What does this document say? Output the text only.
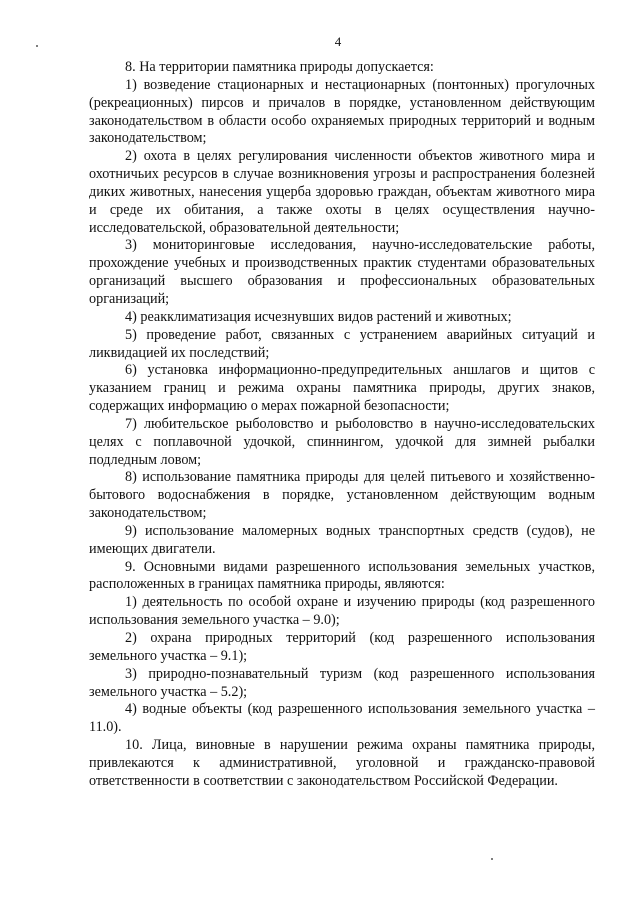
4

8. На территории памятника природы допускается:

1) возведение стационарных и нестационарных (понтонных) прогулочных (рекреационных) пирсов и причалов в порядке, установленном действующим законодательством в области особо охраняемых природных территорий и водным законодательством;

2) охота в целях регулирования численности объектов животного мира и охотничьих ресурсов в случае возникновения угрозы и распространения болезней диких животных, нанесения ущерба здоровью граждан, объектам животного мира и среде их обитания, а также охоты в целях осуществления научно-исследовательской, образовательной деятельности;

3) мониторинговые исследования, научно-исследовательские работы, прохождение учебных и производственных практик студентами образовательных организаций высшего образования и профессиональных образовательных организаций;

4) реакклиматизация исчезнувших видов растений и животных;

5) проведение работ, связанных с устранением аварийных ситуаций и ликвидацией их последствий;

6) установка информационно-предупредительных аншлагов и щитов с указанием границ и режима охраны памятника природы, других знаков, содержащих информацию о мерах пожарной безопасности;

7) любительское рыболовство и рыболовство в научно-исследовательских целях с поплавочной удочкой, спиннингом, удочкой для зимней рыбалки подледным ловом;

8) использование памятника природы для целей питьевого и хозяйственно-бытового водоснабжения в порядке, установленном действующим водным законодательством;

9) использование маломерных водных транспортных средств (судов), не имеющих двигатели.

9. Основными видами разрешенного использования земельных участков, расположенных в границах памятника природы, являются:

1) деятельность по особой охране и изучению природы (код разрешенного использования земельного участка – 9.0);

2) охрана природных территорий (код разрешенного использования земельного участка – 9.1);

3) природно-познавательный туризм (код разрешенного использования земельного участка – 5.2);

4) водные объекты (код разрешенного использования земельного участка – 11.0).

10. Лица, виновные в нарушении режима охраны памятника природы, привлекаются к административной, уголовной и гражданско-правовой ответственности в соответствии с законодательством Российской Федерации.
